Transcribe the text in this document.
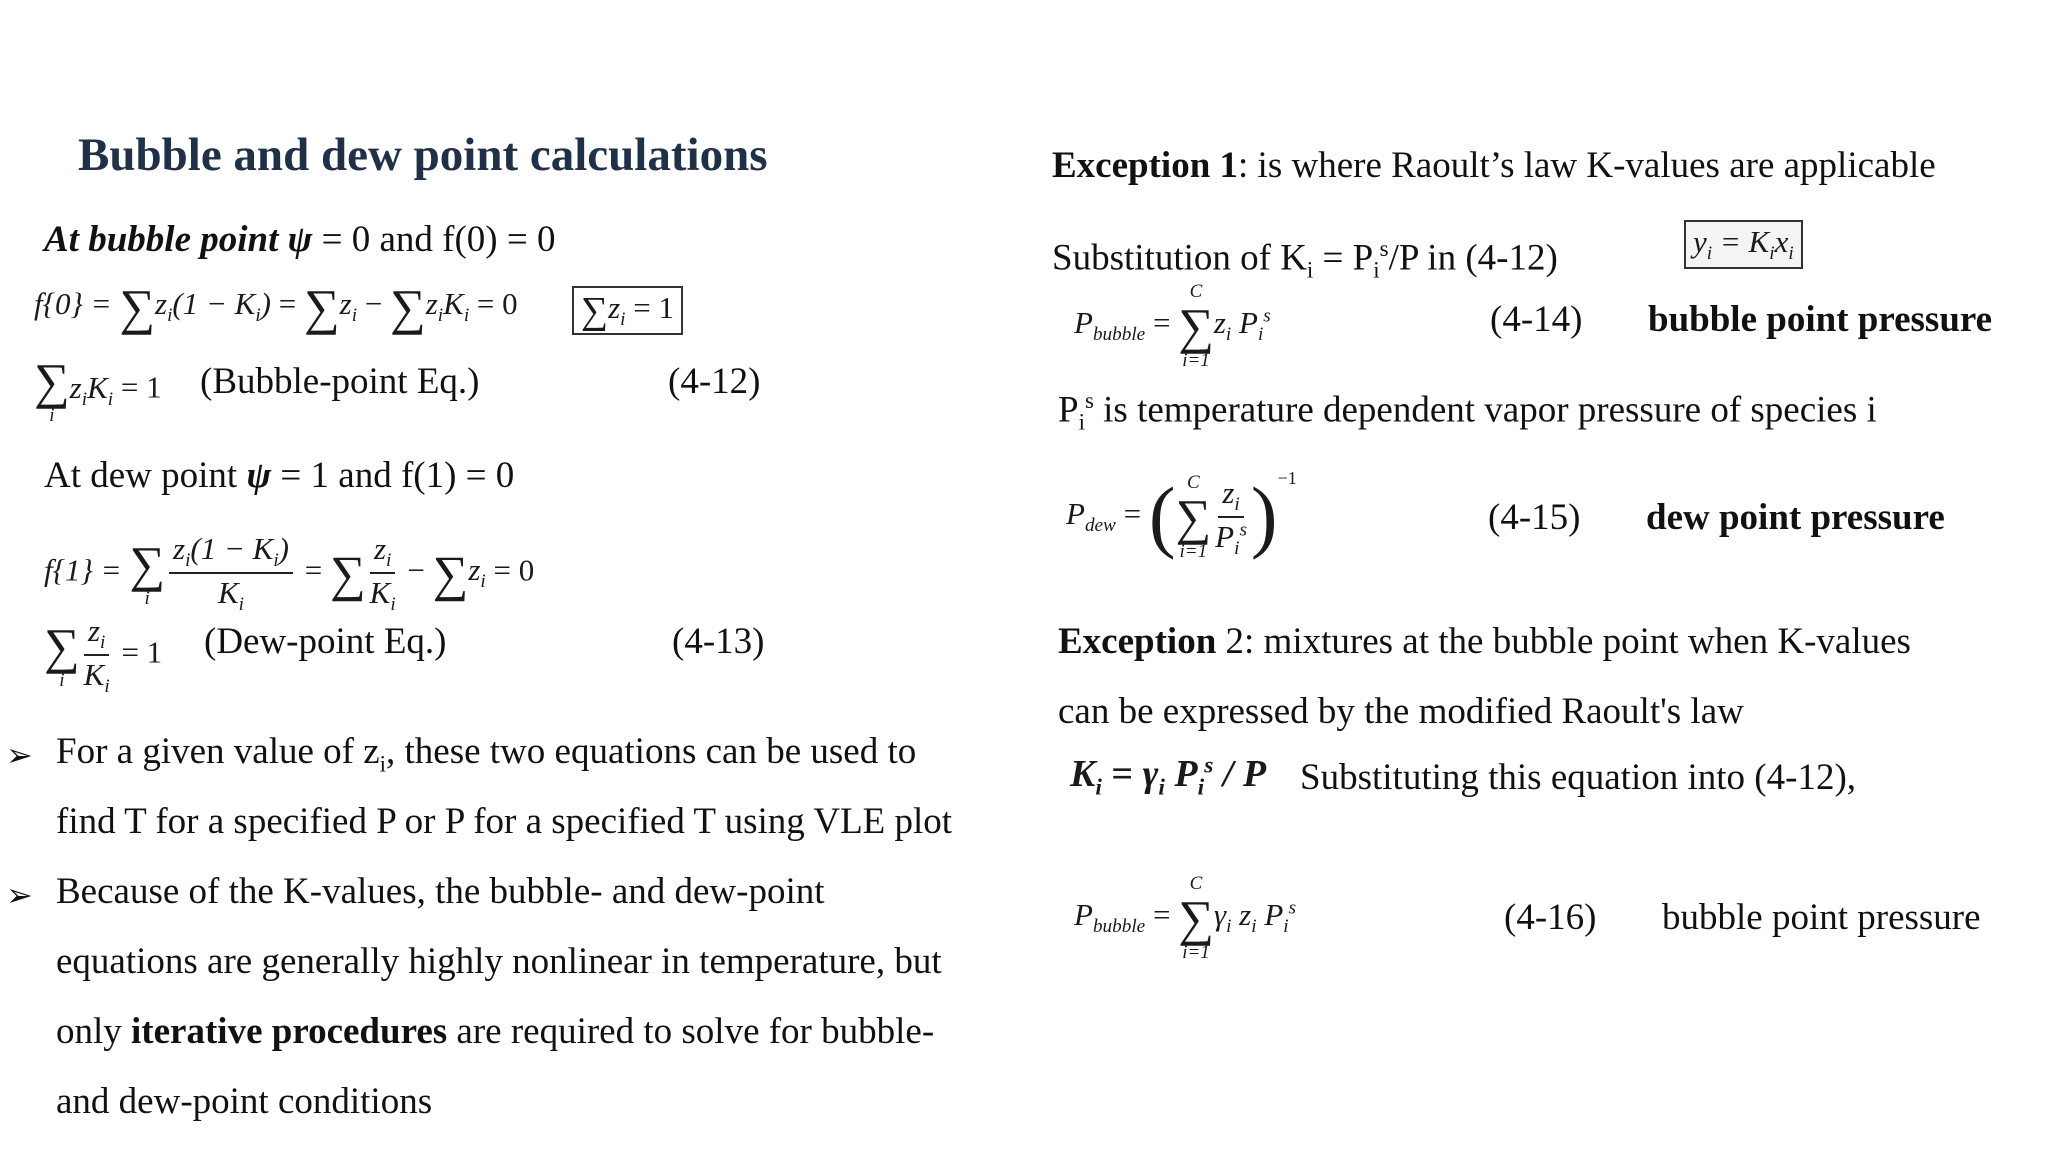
Bubble and dew point calculations
At bubble point ψ = 0 and f(0) = 0
$f\{0\} = \sum z_i(1 - K_i) = \sum z_i - \sum z_iK_i = 0$ $\sum z_i = 1$
∑
i
$z_iK_i = 1$ (Bubble-point Eq.)	(4-12)
At dew point ψ = 1 and f(1) = 0
f{1} = ∑
i $\frac{z_i(1 - K_i)}{K_i}$ = ∑ $\frac{z_i}{K_i} - \sum z_i = 0$
∑
i $\frac{z_i}{K_i} = 1$ (Dew-point Eq.)	(4-13)
➢ For a given value of $z_i$, these two equations can be used to
find T for a specified P or P for a specified T using VLE plot
➢ Because of the K-values, the bubble- and dew-point
equations are generally highly nonlinear in temperature, but
only iterative procedures are required to solve for bubble-
and dew-point conditions
Exception 1: is where Raoult’s law K-values are applicable
Substitution of $K_i = P_i^s/P$ in (4-12)	$y_i = K_ix_i$
$P_{bubble}$ =
C
∑
i=1
$z_i$ $P_i^s$	(4-14) bubble point pressure
$P_i^s$ is temperature dependent vapor pressure of species i
$P_{dew}$ = ( C
∑
$i=1 \frac{z_i}{P_i^s} )^{-1}$
(4-15) dew point pressure
Exception 2: mixtures at the bubble point when K-values
can be expressed by the modified Raoult's law
$K_i = \gamma_i$ $P_i^s$ / P Substituting this equation into (4-12),
$P_{bubble}$ =
C
∑
i=1
$\gamma_i$ $z_i$ $P_i^s$	(4-16) bubble point pressure
